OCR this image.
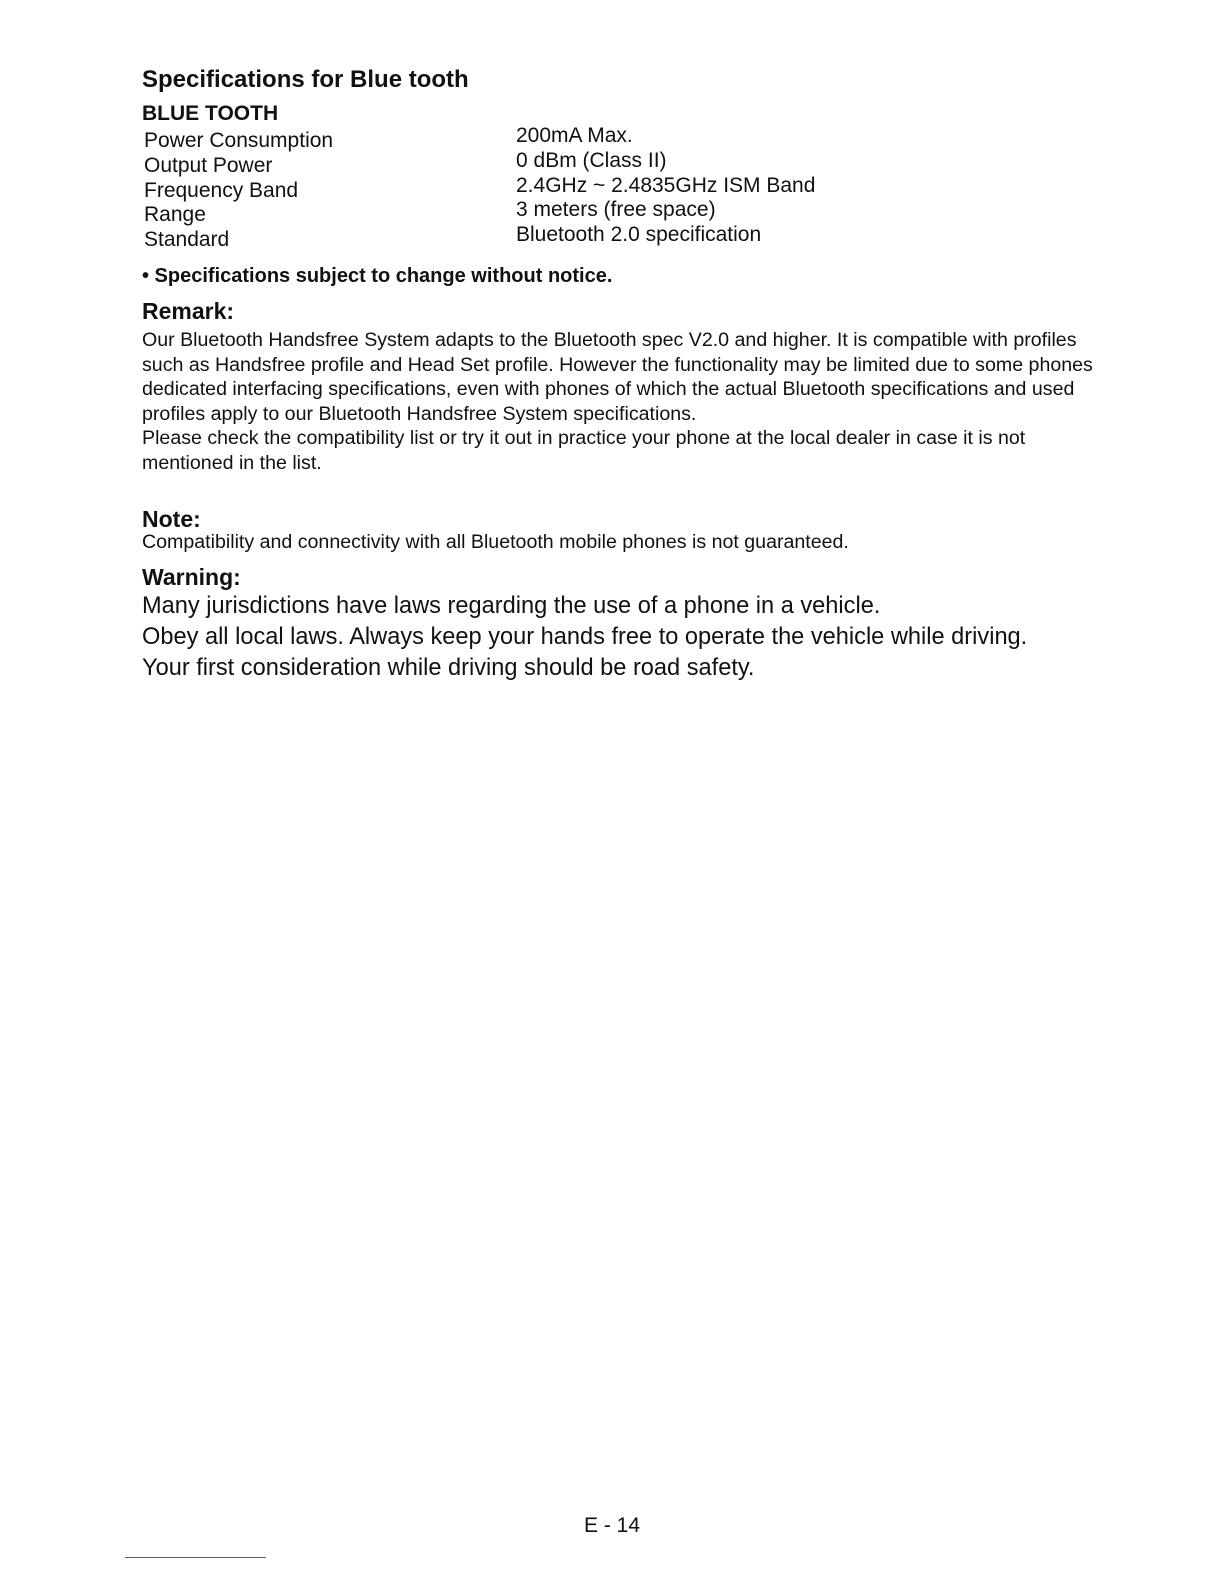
Specifications for Blue tooth
BLUE TOOTH
Power Consumption
Output Power
Frequency Band
Range
Standard
200mA Max.
0 dBm (Class II)
2.4GHz ~ 2.4835GHz ISM Band
3 meters (free space)
Bluetooth 2.0 specification
• Specifications subject to change without notice.
Remark:
Our Bluetooth Handsfree System adapts to the Bluetooth spec V2.0 and higher. It is compatible with profiles such as Handsfree profile and Head Set profile. However the functionality may be limited due to some phones dedicated interfacing specifications, even with phones of which the actual Bluetooth specifications and used profiles apply to our Bluetooth Handsfree System specifications.
Please check the compatibility list or try it out in practice your phone at the local dealer in case it is not mentioned in the list.
Note:
Compatibility and connectivity with all Bluetooth mobile phones is not guaranteed.
Warning:
Many jurisdictions have laws regarding the use of a phone in a vehicle.
Obey all local laws. Always keep your hands free to operate the vehicle while driving.
Your first consideration while driving should be road safety.
E - 14
